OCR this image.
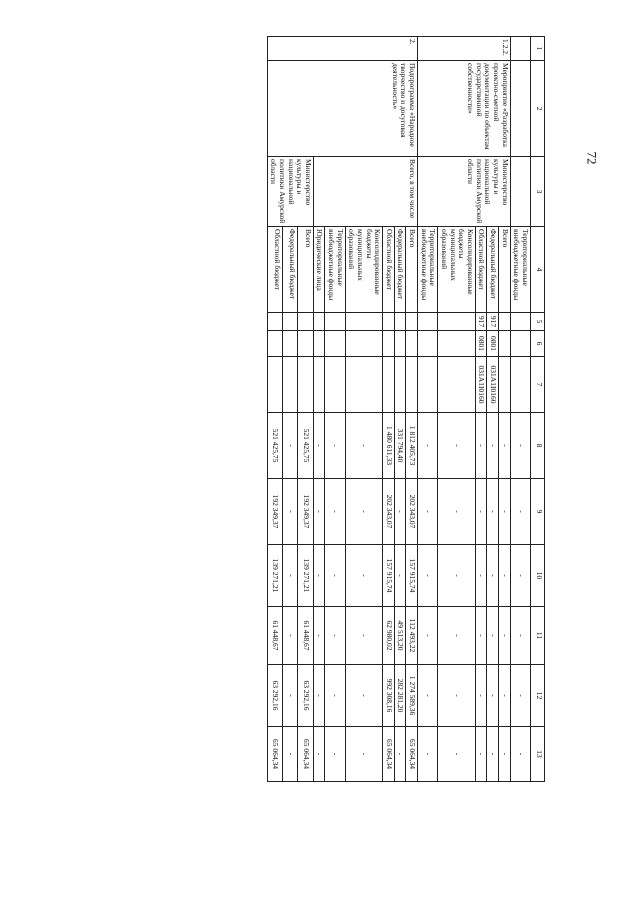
72
1	2	3	4	5	6	7	8	9	10	11	12	13
			Территориальные внебюджетные фонды				-	-	-	-	-	-
1.2.2.	Мероприятие «Разработка проектно-сметной документации по объектам государственной собственности»	Министерство культуры и национальной политики Амурской области	Всего				-	-	-	-	-	-
			Федеральный бюджет	917	0801	031A1I0160	-	-	-	-	-	-
			Областной бюджет	917	0801	031A1I0160	-	-	-	-	-	-
			Консолидированные бюджеты муниципальных образований				-	-	-	-	-	-
			Территориальные внебюджетные фонды				-	-	-	-	-	-
2.	Подпрограмма «Народное творчество и досуговая деятельность»	Всего, в том числе	Всего				1 812 405,73	202 343,07	157 915,74	112 493,22	1 274 589,36	65 064,34
			Федеральный бюджет				331 794,40	-	-	49 513,20	282 281,20	-
			Областной бюджет				1 480 611,33	202 343,07	157 915,74	62 980,02	992 308,16	65 064,34
			Консолидированные бюджеты муниципальных образований				-	-	-	-	-	-
			Территориальные внебюджетные фонды				-	-	-	-	-	-
			Юридические лица				-	-	-	-	-	-
		Министерство культуры и национальной политики Амурской области	Всего				521 425,75	192 349,37	139 271,21	61 448,67	63 292,16	65 064,34
			Федеральный бюджет				-	-	-	-	-	-
			Областной бюджет				521 425,75	192 349,37	139 271,21	61 448,67	63 292,16	65 064,34
